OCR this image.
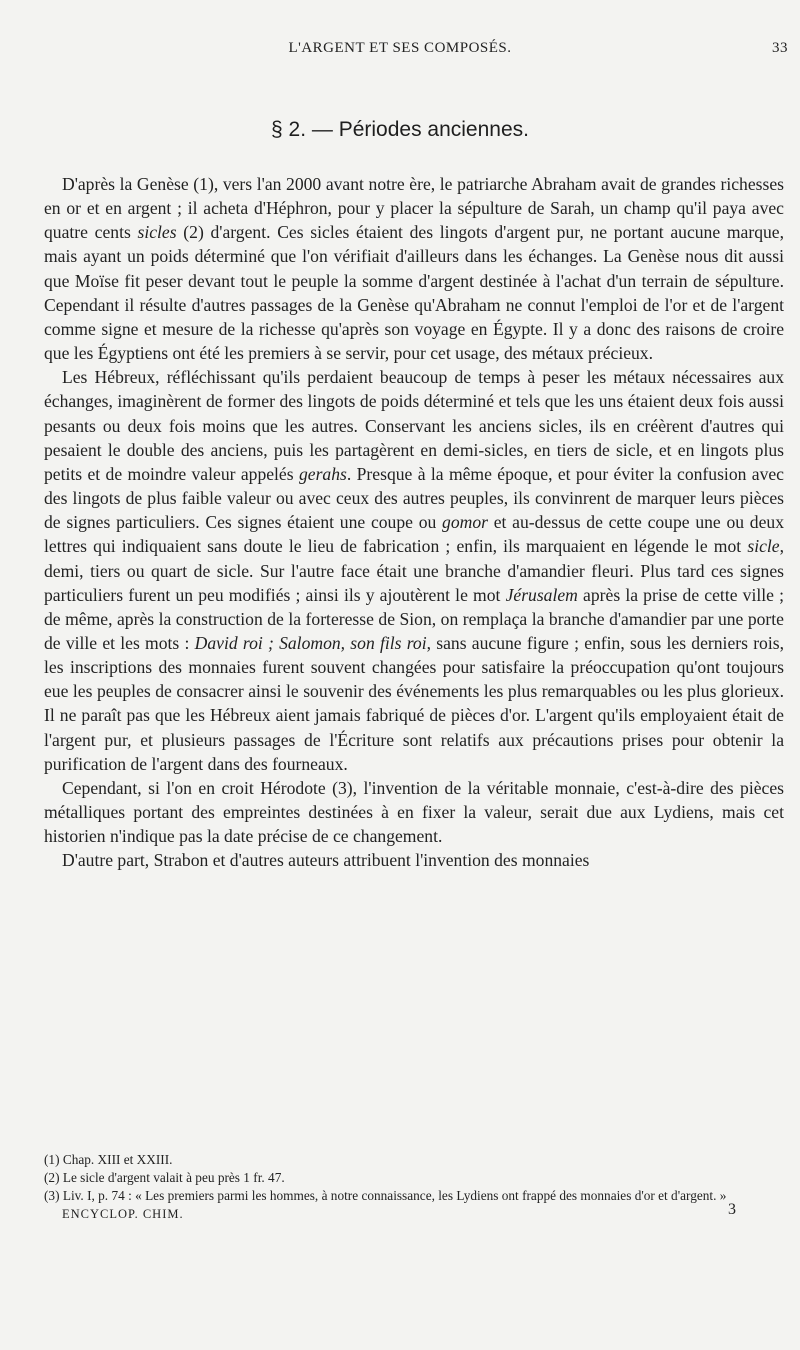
L'ARGENT ET SES COMPOSÉS.	33
§ 2. — Périodes anciennes.

D'après la Genèse (1), vers l'an 2000 avant notre ère, le patriarche Abraham avait de grandes richesses en or et en argent ; il acheta d'Héphron, pour y placer la sépulture de Sarah, un champ qu'il paya avec quatre cents sicles (2) d'argent. Ces sicles étaient des lingots d'argent pur, ne portant aucune marque, mais ayant un poids déterminé que l'on vérifiait d'ailleurs dans les échanges. La Genèse nous dit aussi que Moïse fit peser devant tout le peuple la somme d'argent destinée à l'achat d'un terrain de sépulture. Cependant il résulte d'autres passages de la Genèse qu'Abraham ne connut l'emploi de l'or et de l'argent comme signe et mesure de la richesse qu'après son voyage en Égypte. Il y a donc des raisons de croire que les Égyptiens ont été les premiers à se servir, pour cet usage, des métaux précieux.

Les Hébreux, réfléchissant qu'ils perdaient beaucoup de temps à peser les métaux nécessaires aux échanges, imaginèrent de former des lingots de poids déterminé et tels que les uns étaient deux fois aussi pesants ou deux fois moins que les autres. Conservant les anciens sicles, ils en créèrent d'autres qui pesaient le double des anciens, puis les partagèrent en demi-sicles, en tiers de sicle, et en lingots plus petits et de moindre valeur appelés gerahs. Presque à la même époque, et pour éviter la confusion avec des lingots de plus faible valeur ou avec ceux des autres peuples, ils convinrent de marquer leurs pièces de signes particuliers. Ces signes étaient une coupe ou gomor et au-dessus de cette coupe une ou deux lettres qui indiquaient sans doute le lieu de fabrication ; enfin, ils marquaient en légende le mot sicle, demi, tiers ou quart de sicle. Sur l'autre face était une branche d'amandier fleuri. Plus tard ces signes particuliers furent un peu modifiés ; ainsi ils y ajoutèrent le mot Jérusalem après la prise de cette ville ; de même, après la construction de la forteresse de Sion, on remplaça la branche d'amandier par une porte de ville et les mots : David roi ; Salomon, son fils roi, sans aucune figure ; enfin, sous les derniers rois, les inscriptions des monnaies furent souvent changées pour satisfaire la préoccupation qu'ont toujours eue les peuples de consacrer ainsi le souvenir des événements les plus remarquables ou les plus glorieux. Il ne paraît pas que les Hébreux aient jamais fabriqué de pièces d'or. L'argent qu'ils employaient était de l'argent pur, et plusieurs passages de l'Écriture sont relatifs aux précautions prises pour obtenir la purification de l'argent dans des fourneaux.

Cependant, si l'on en croit Hérodote (3), l'invention de la véritable monnaie, c'est-à-dire des pièces métalliques portant des empreintes destinées à en fixer la valeur, serait due aux Lydiens, mais cet historien n'indique pas la date précise de ce changement.

D'autre part, Strabon et d'autres auteurs attribuent l'invention des monnaies

(1) Chap. XIII et XXIII.

(2) Le sicle d'argent valait à peu près 1 fr. 47.

(3) Liv. I, p. 74 : « Les premiers parmi les hommes, à notre connaissance, les Lydiens ont frappé des monnaies d'or et d'argent. »

ENCYCLOP. CHIM.	3
